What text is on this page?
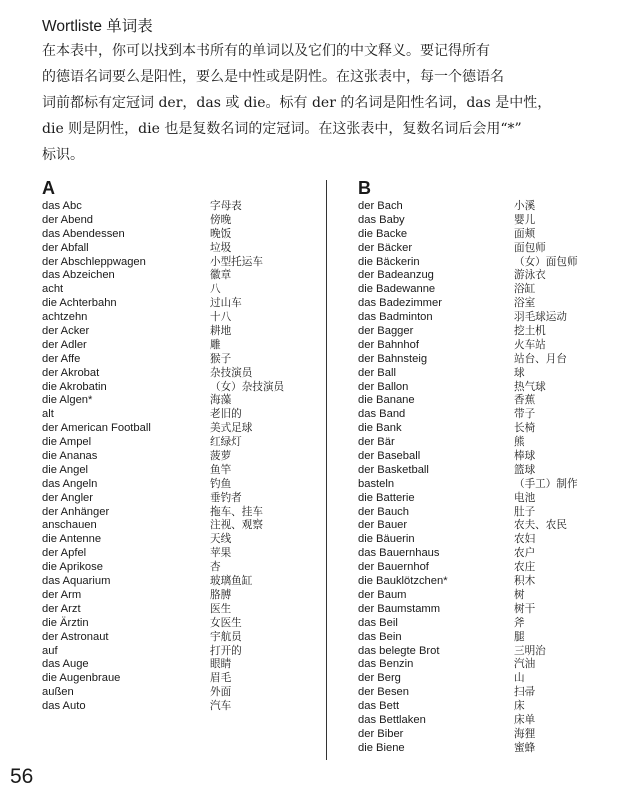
Wortliste 单词表
在本表中，你可以找到本书所有的单词以及它们的中文释义。要记得所有
的德语名词要么是阳性，要么是中性或是阴性。在这张表中，每一个德语名
词前都标有定冠词 der，das 或 die。标有 der 的名词是阳性名词，das 是中性，
die 则是阴性，die 也是复数名词的定冠词。在这张表中，复数名词后会用“*”
标识。
A
das Abc	字母表
der Abend	傍晚
das Abendessen	晚饭
der Abfall	垃圾
der Abschleppwagen	小型托运车
das Abzeichen	徽章
acht	八
die Achterbahn	过山车
achtzehn	十八
der Acker	耕地
der Adler	雕
der Affe	猴子
der Akrobat	杂技演员
die Akrobatin	（女）杂技演员
die Algen*	海藻
alt	老旧的
der American Football	美式足球
die Ampel	红绿灯
die Ananas	菠萝
die Angel	鱼竿
das Angeln	钓鱼
der Angler	垂钓者
der Anhänger	拖车、挂车
anschauen	注视、观察
die Antenne	天线
der Apfel	苹果
die Aprikose	杏
das Aquarium	玻璃鱼缸
der Arm	胳膊
der Arzt	医生
die Ärztin	女医生
der Astronaut	宇航员
auf	打开的
das Auge	眼睛
die Augenbraue	眉毛
außen	外面
das Auto	汽车
B
der Bach	小溪
das Baby	婴儿
die Backe	面颊
der Bäcker	面包师
die Bäckerin	（女）面包师
der Badeanzug	游泳衣
die Badewanne	浴缸
das Badezimmer	浴室
das Badminton	羽毛球运动
der Bagger	挖土机
der Bahnhof	火车站
der Bahnsteig	站台、月台
der Ball	球
der Ballon	热气球
die Banane	香蕉
das Band	带子
die Bank	长椅
der Bär	熊
der Baseball	棒球
der Basketball	篮球
basteln	（手工）制作
die Batterie	电池
der Bauch	肚子
der Bauer	农夫、农民
die Bäuerin	农妇
das Bauernhaus	农户
der Bauernhof	农庄
die Bauklötzchen*	积木
der Baum	树
der Baumstamm	树干
das Beil	斧
das Bein	腿
das belegte Brot	三明治
das Benzin	汽油
der Berg	山
der Besen	扫帚
das Bett	床
das Bettlaken	床单
der Biber	海狸
die Biene	蜜蜂
56
